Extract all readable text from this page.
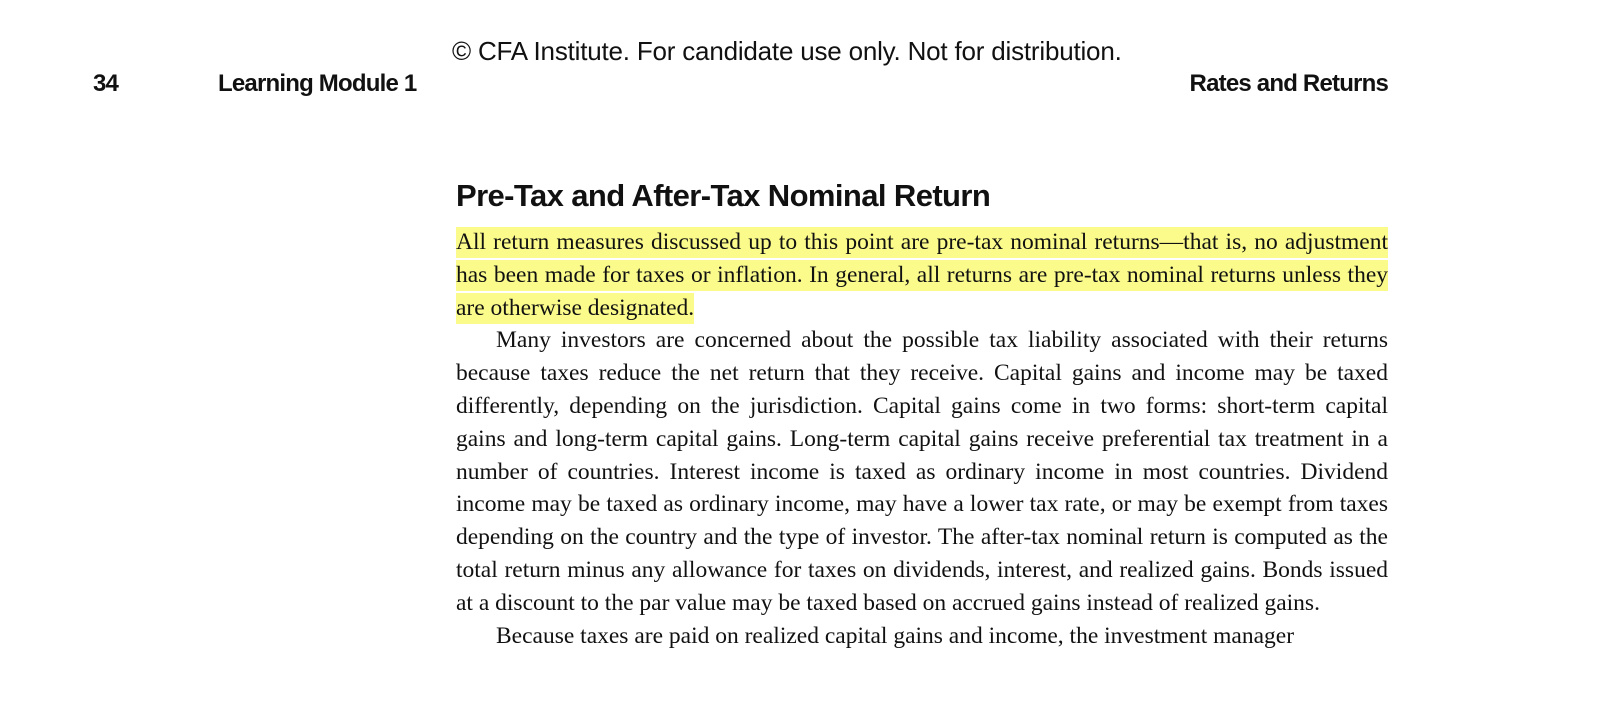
© CFA Institute. For candidate use only. Not for distribution.
34	Learning Module 1	Rates and Returns
Pre-Tax and After-Tax Nominal Return

All return measures discussed up to this point are pre-tax nominal returns—that is, no adjustment has been made for taxes or inflation. In general, all returns are pre-tax nominal returns unless they are otherwise designated.

Many investors are concerned about the possible tax liability associated with their returns because taxes reduce the net return that they receive. Capital gains and income may be taxed differently, depending on the jurisdiction. Capital gains come in two forms: short-term capital gains and long-term capital gains. Long-term capital gains receive preferential tax treatment in a number of countries. Interest income is taxed as ordinary income in most countries. Dividend income may be taxed as ordinary income, may have a lower tax rate, or may be exempt from taxes depending on the country and the type of investor. The after-tax nominal return is computed as the total return minus any allowance for taxes on dividends, interest, and realized gains. Bonds issued at a discount to the par value may be taxed based on accrued gains instead of realized gains.

Because taxes are paid on realized capital gains and income, the investment manager
